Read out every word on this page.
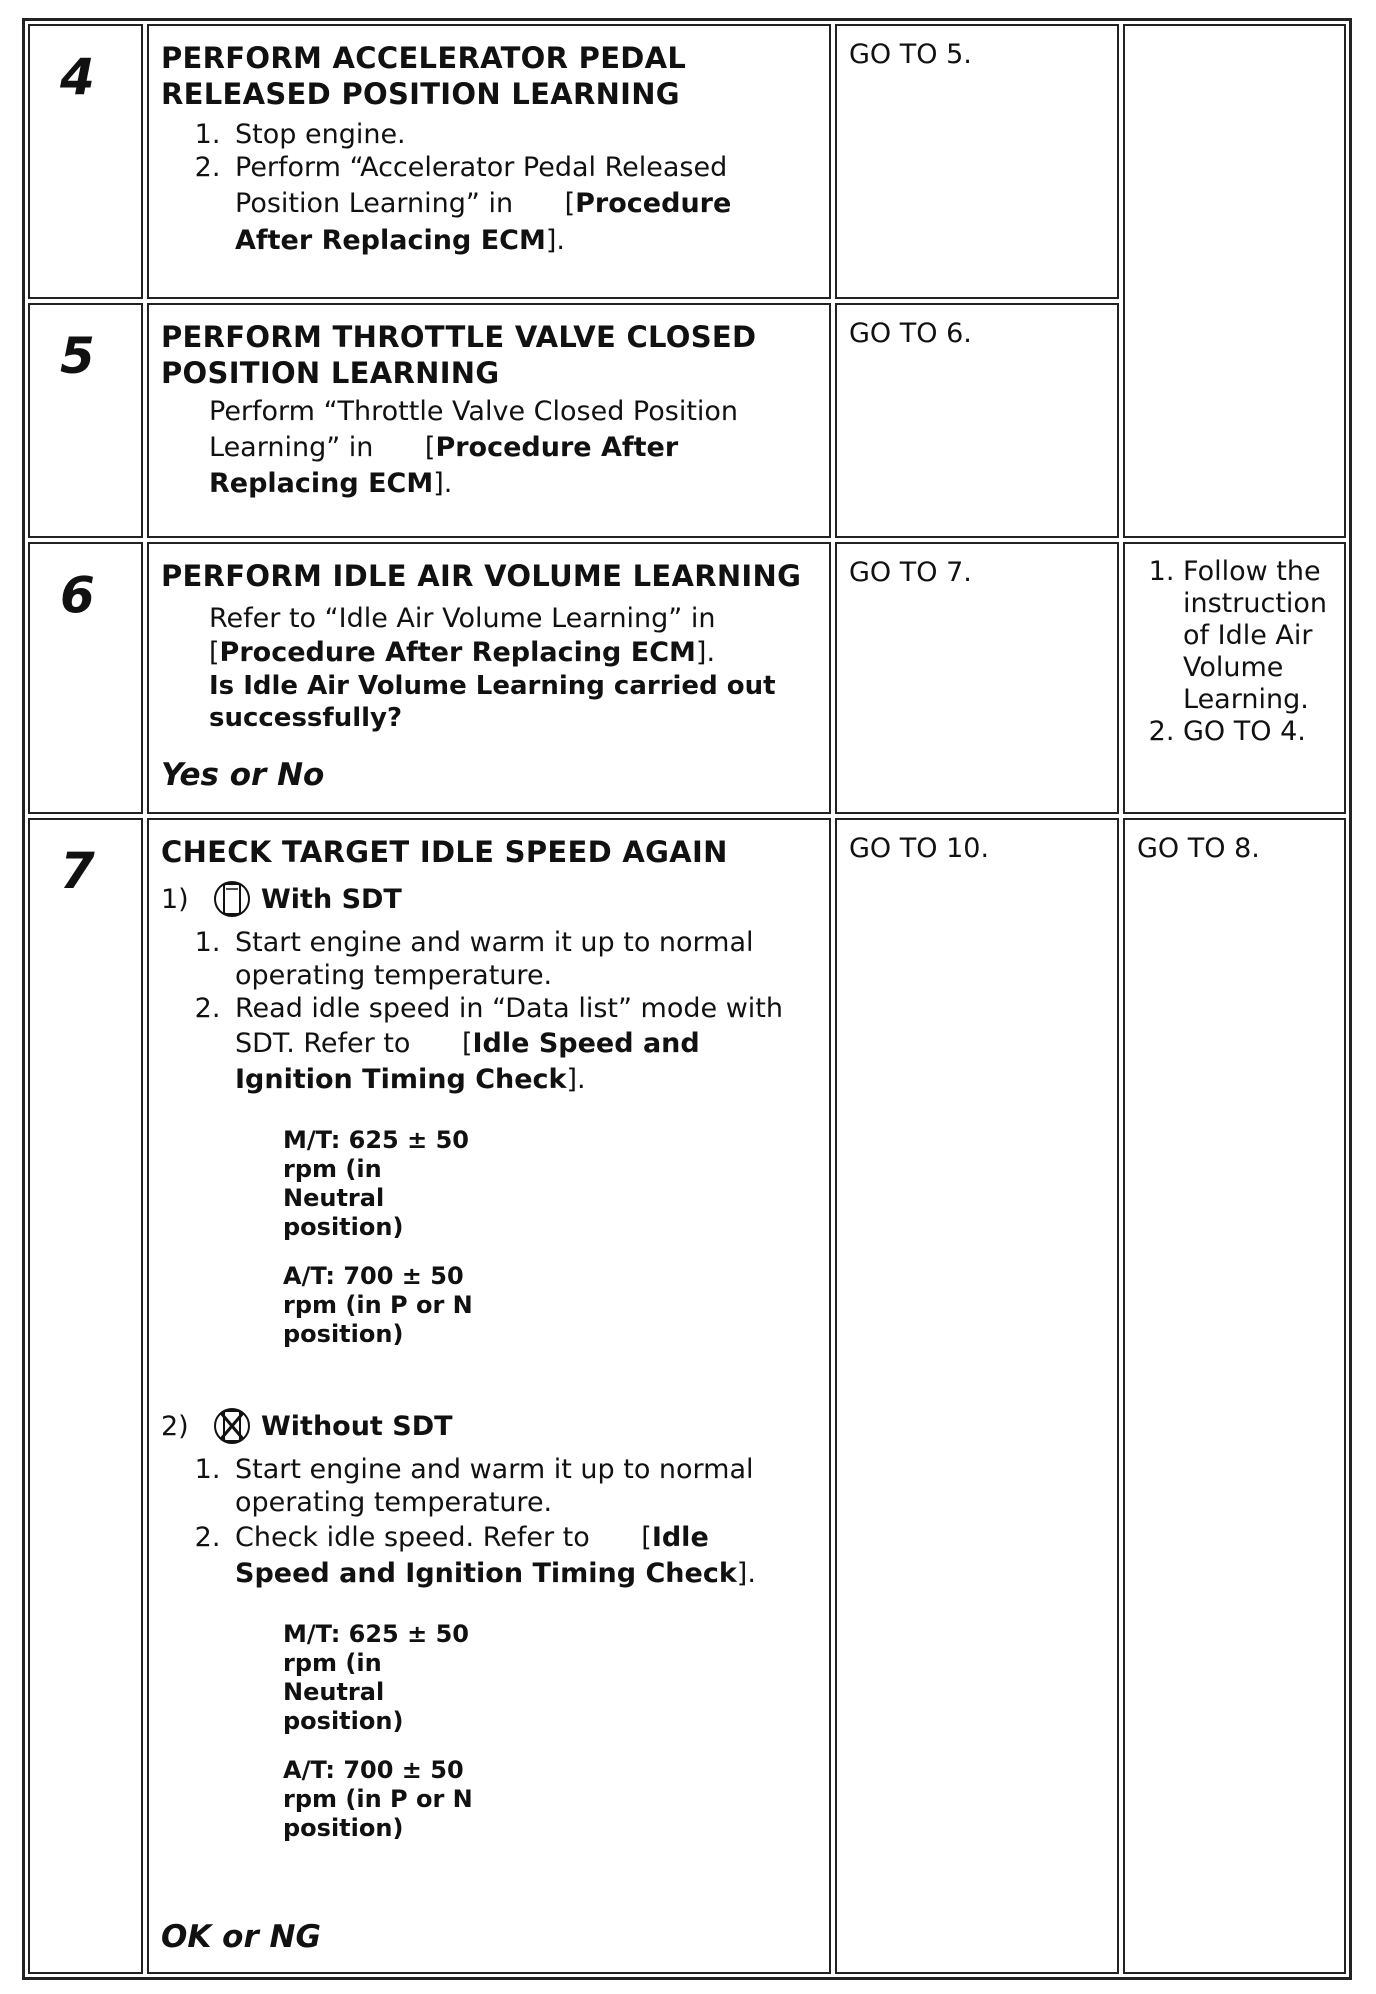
4 PERFORM ACCELERATOR PEDAL
RELEASED POSITION LEARNING

1. Stop engine.
2. Perform “Accelerator Pedal Released
Position Learning” in      [Procedure
After Replacing ECM].
GO TO 5.
5 PERFORM THROTTLE VALVE CLOSED
POSITION LEARNING

Perform “Throttle Valve Closed Position
Learning” in      [Procedure After
Replacing ECM].
GO TO 6.
6 PERFORM IDLE AIR VOLUME LEARNING

Refer to “Idle Air Volume Learning” in
[Procedure After Replacing ECM].
Is Idle Air Volume Learning carried out
successfully?
Yes or No
GO TO 7.
1.	Follow the instruction of Idle Air Volume Learning.
2. GO TO 4.
7 CHECK TARGET IDLE SPEED AGAIN

1)	With SDT
1. Start engine and warm it up to normal
operating temperature.
2. Read idle speed in “Data list” mode with
SDT. Refer to      [Idle Speed and
Ignition Timing Check].
M/T: 625 ± 50
rpm (in
Neutral
position)
A/T: 700 ± 50
rpm (in P or N
position)
2)	Without SDT
1. Start engine and warm it up to normal
operating temperature.
2. Check idle speed. Refer to      [Idle
Speed and Ignition Timing Check].
M/T: 625 ± 50
rpm (in
Neutral
position)
A/T: 700 ± 50
rpm (in P or N
position)
OK or NG
GO TO 10.	GO TO 8.
